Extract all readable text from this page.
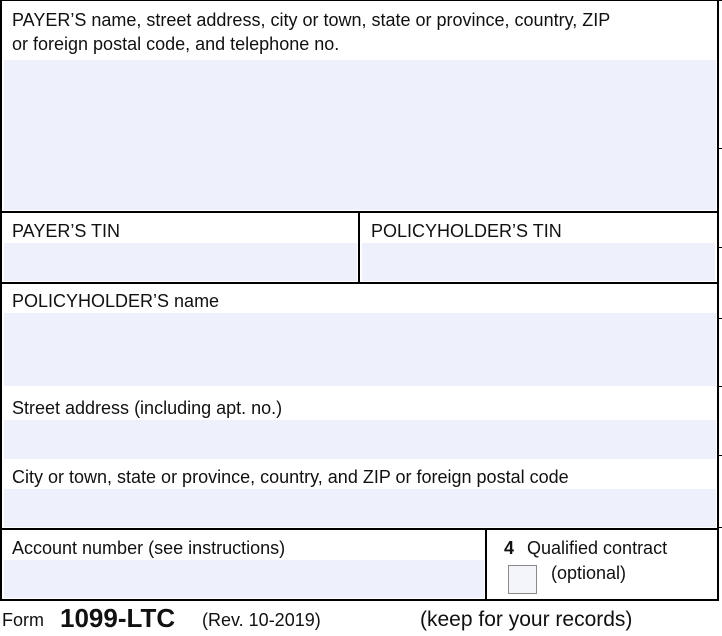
PAYER’S name, street address, city or town, state or province, country, ZIP
or foreign postal code, and telephone no.
PAYER’S TIN	POLICYHOLDER’S TIN
POLICYHOLDER’S name
Street address (including apt. no.)
City or town, state or province, country, and ZIP or foreign postal code
Account number (see instructions)	4 Qualified contract
(optional)
Form 1099-LTC (Rev. 10-2019)	(keep for your records)
